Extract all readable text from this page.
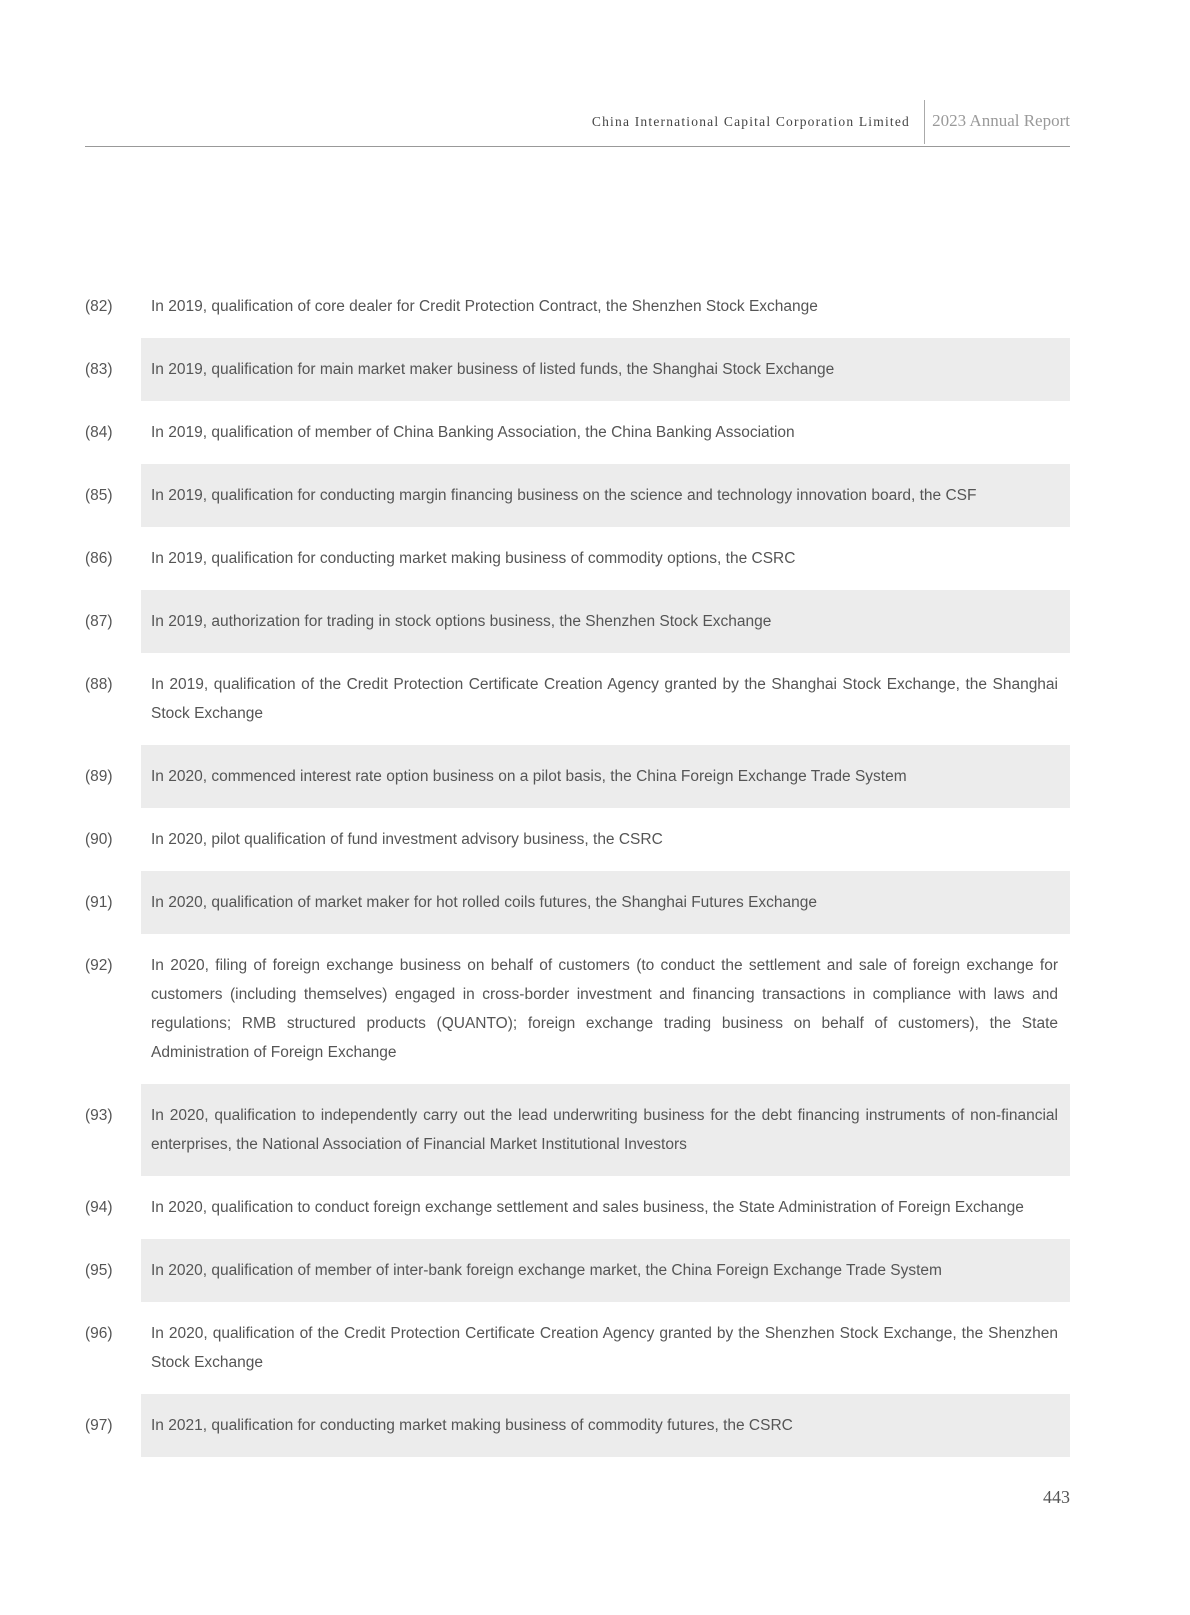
China International Capital Corporation Limited 2023 Annual Report
(82)	In 2019, qualification of core dealer for Credit Protection Contract, the Shenzhen Stock Exchange
(83)	In 2019, qualification for main market maker business of listed funds, the Shanghai Stock Exchange
(84)	In 2019, qualification of member of China Banking Association, the China Banking Association
(85)	In 2019, qualification for conducting margin financing business on the science and technology innovation board, the CSF
(86)	In 2019, qualification for conducting market making business of commodity options, the CSRC
(87)	In 2019, authorization for trading in stock options business, the Shenzhen Stock Exchange
(88)	In 2019, qualification of the Credit Protection Certificate Creation Agency granted by the Shanghai Stock Exchange, the Shanghai Stock Exchange
(89)	In 2020, commenced interest rate option business on a pilot basis, the China Foreign Exchange Trade System
(90)	In 2020, pilot qualification of fund investment advisory business, the CSRC
(91)	In 2020, qualification of market maker for hot rolled coils futures, the Shanghai Futures Exchange
(92)	In 2020, filing of foreign exchange business on behalf of customers (to conduct the settlement and sale of foreign exchange for customers (including themselves) engaged in cross-border investment and financing transactions in compliance with laws and regulations; RMB structured products (QUANTO); foreign exchange trading business on behalf of customers), the State Administration of Foreign Exchange
(93)	In 2020, qualification to independently carry out the lead underwriting business for the debt financing instruments of non-financial enterprises, the National Association of Financial Market Institutional Investors
(94)	In 2020, qualification to conduct foreign exchange settlement and sales business, the State Administration of Foreign Exchange
(95)	In 2020, qualification of member of inter-bank foreign exchange market, the China Foreign Exchange Trade System
(96)	In 2020, qualification of the Credit Protection Certificate Creation Agency granted by the Shenzhen Stock Exchange, the Shenzhen Stock Exchange
(97)	In 2021, qualification for conducting market making business of commodity futures, the CSRC
443
